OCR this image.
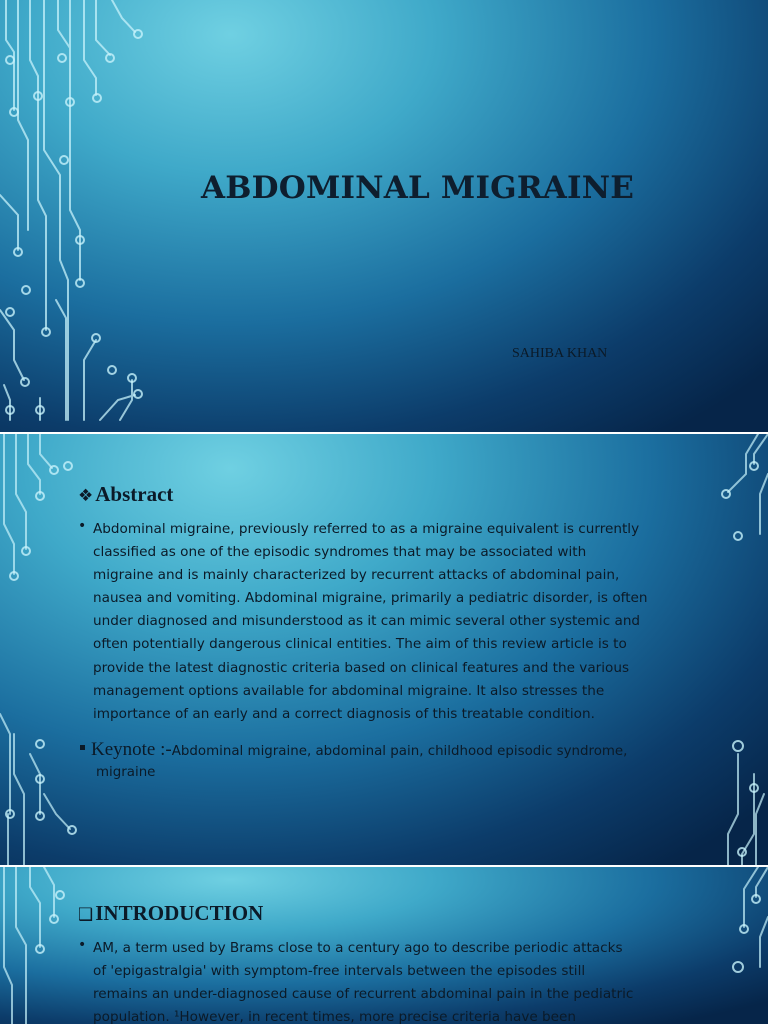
ABDOMINAL MIGRAINE
SAHIBA KHAN
❖Abstract
• Abdominal migraine, previously referred to as a migraine equivalent is currently
classified as one of the episodic syndromes that may be associated with
migraine and is mainly characterized by recurrent attacks of abdominal pain,
nausea and vomiting. Abdominal migraine, primarily a pediatric disorder, is often
under diagnosed and misunderstood as it can mimic several other systemic and
often potentially dangerous clinical entities. The aim of this review article is to
provide the latest diagnostic criteria based on clinical features and the various
management options available for abdominal migraine. It also stresses the
importance of an early and a correct diagnosis of this treatable condition.
Keynote :-Abdominal migraine, abdominal pain, childhood episodic syndrome,
migraine
❑INTRODUCTION
• AM, a term used by Brams close to a century ago to describe periodic attacks
of 'epigastralgia' with symptom-free intervals between the episodes still
remains an under-diagnosed cause of recurrent abdominal pain in the pediatric
population. ¹However, in recent times, more precise criteria have been
